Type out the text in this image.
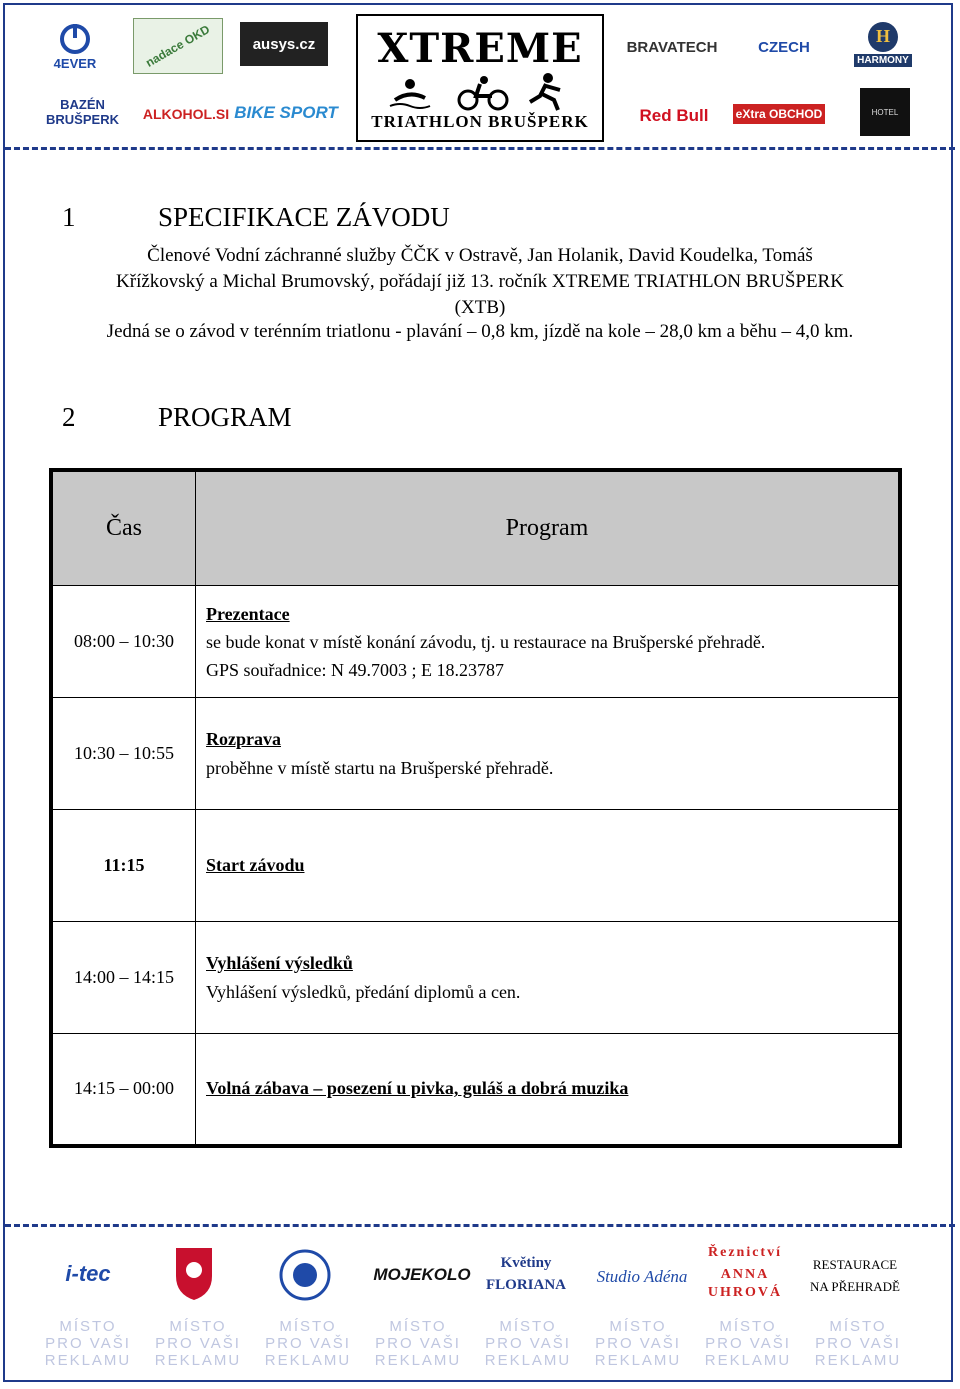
4EVER	nadace OKD	ausys.cz XTREME
TRIATHLON BRUŠPERK
BRAVATECH	CZECH
H
HARMONY
BAZÉN BRUŠPERK ALKOHOL.SI BIKE SPORT	Red Bull eXtra OBCHOD	HOTEL
1	SPECIFIKACE ZÁVODU
Členové Vodní záchranné služby ČČK v Ostravě, Jan Holanik, David Koudelka, Tomáš
Křížkovský a Michal Brumovský, pořádají již 13. ročník XTREME TRIATHLON BRUŠPERK
(XTB)
Jedná se o závod v terénním triatlonu - plavání – 0,8 km, jízdě na kole – 28,0 km a běhu – 4,0 km.
2	PROGRAM
Čas	Program
08:00 – 10:30	Prezentace
se bude konat v místě konání závodu, tj. u restaurace na Brušperské přehradě.
GPS souřadnice: N 49.7003 ; E 18.23787

10:30 – 10:55	Rozprava
proběhne v místě startu na Brušperské přehradě.
11:15	Start závodu

14:00 – 14:15	Vyhlášení výsledků
Vyhlášení výsledků, předání diplomů a cen.
14:15 – 00:00	Volná zábava – posezení u pivka, guláš a dobrá muzika
i-tec	MOJEKOLO
Květiny
FLORIANA	Studio Adéna
Řeznictví
ANNA
UHROVÁ
RESTAURACE
NA PŘEHRADĚ
MÍSTO
PRO VAŠI
REKLAMU
MÍSTO
PRO VAŠI
REKLAMU
MÍSTO
PRO VAŠI
REKLAMU
MÍSTO
PRO VAŠI
REKLAMU
MÍSTO
PRO VAŠI
REKLAMU
MÍSTO
PRO VAŠI
REKLAMU
MÍSTO
PRO VAŠI
REKLAMU
MÍSTO
PRO VAŠI
REKLAMU
